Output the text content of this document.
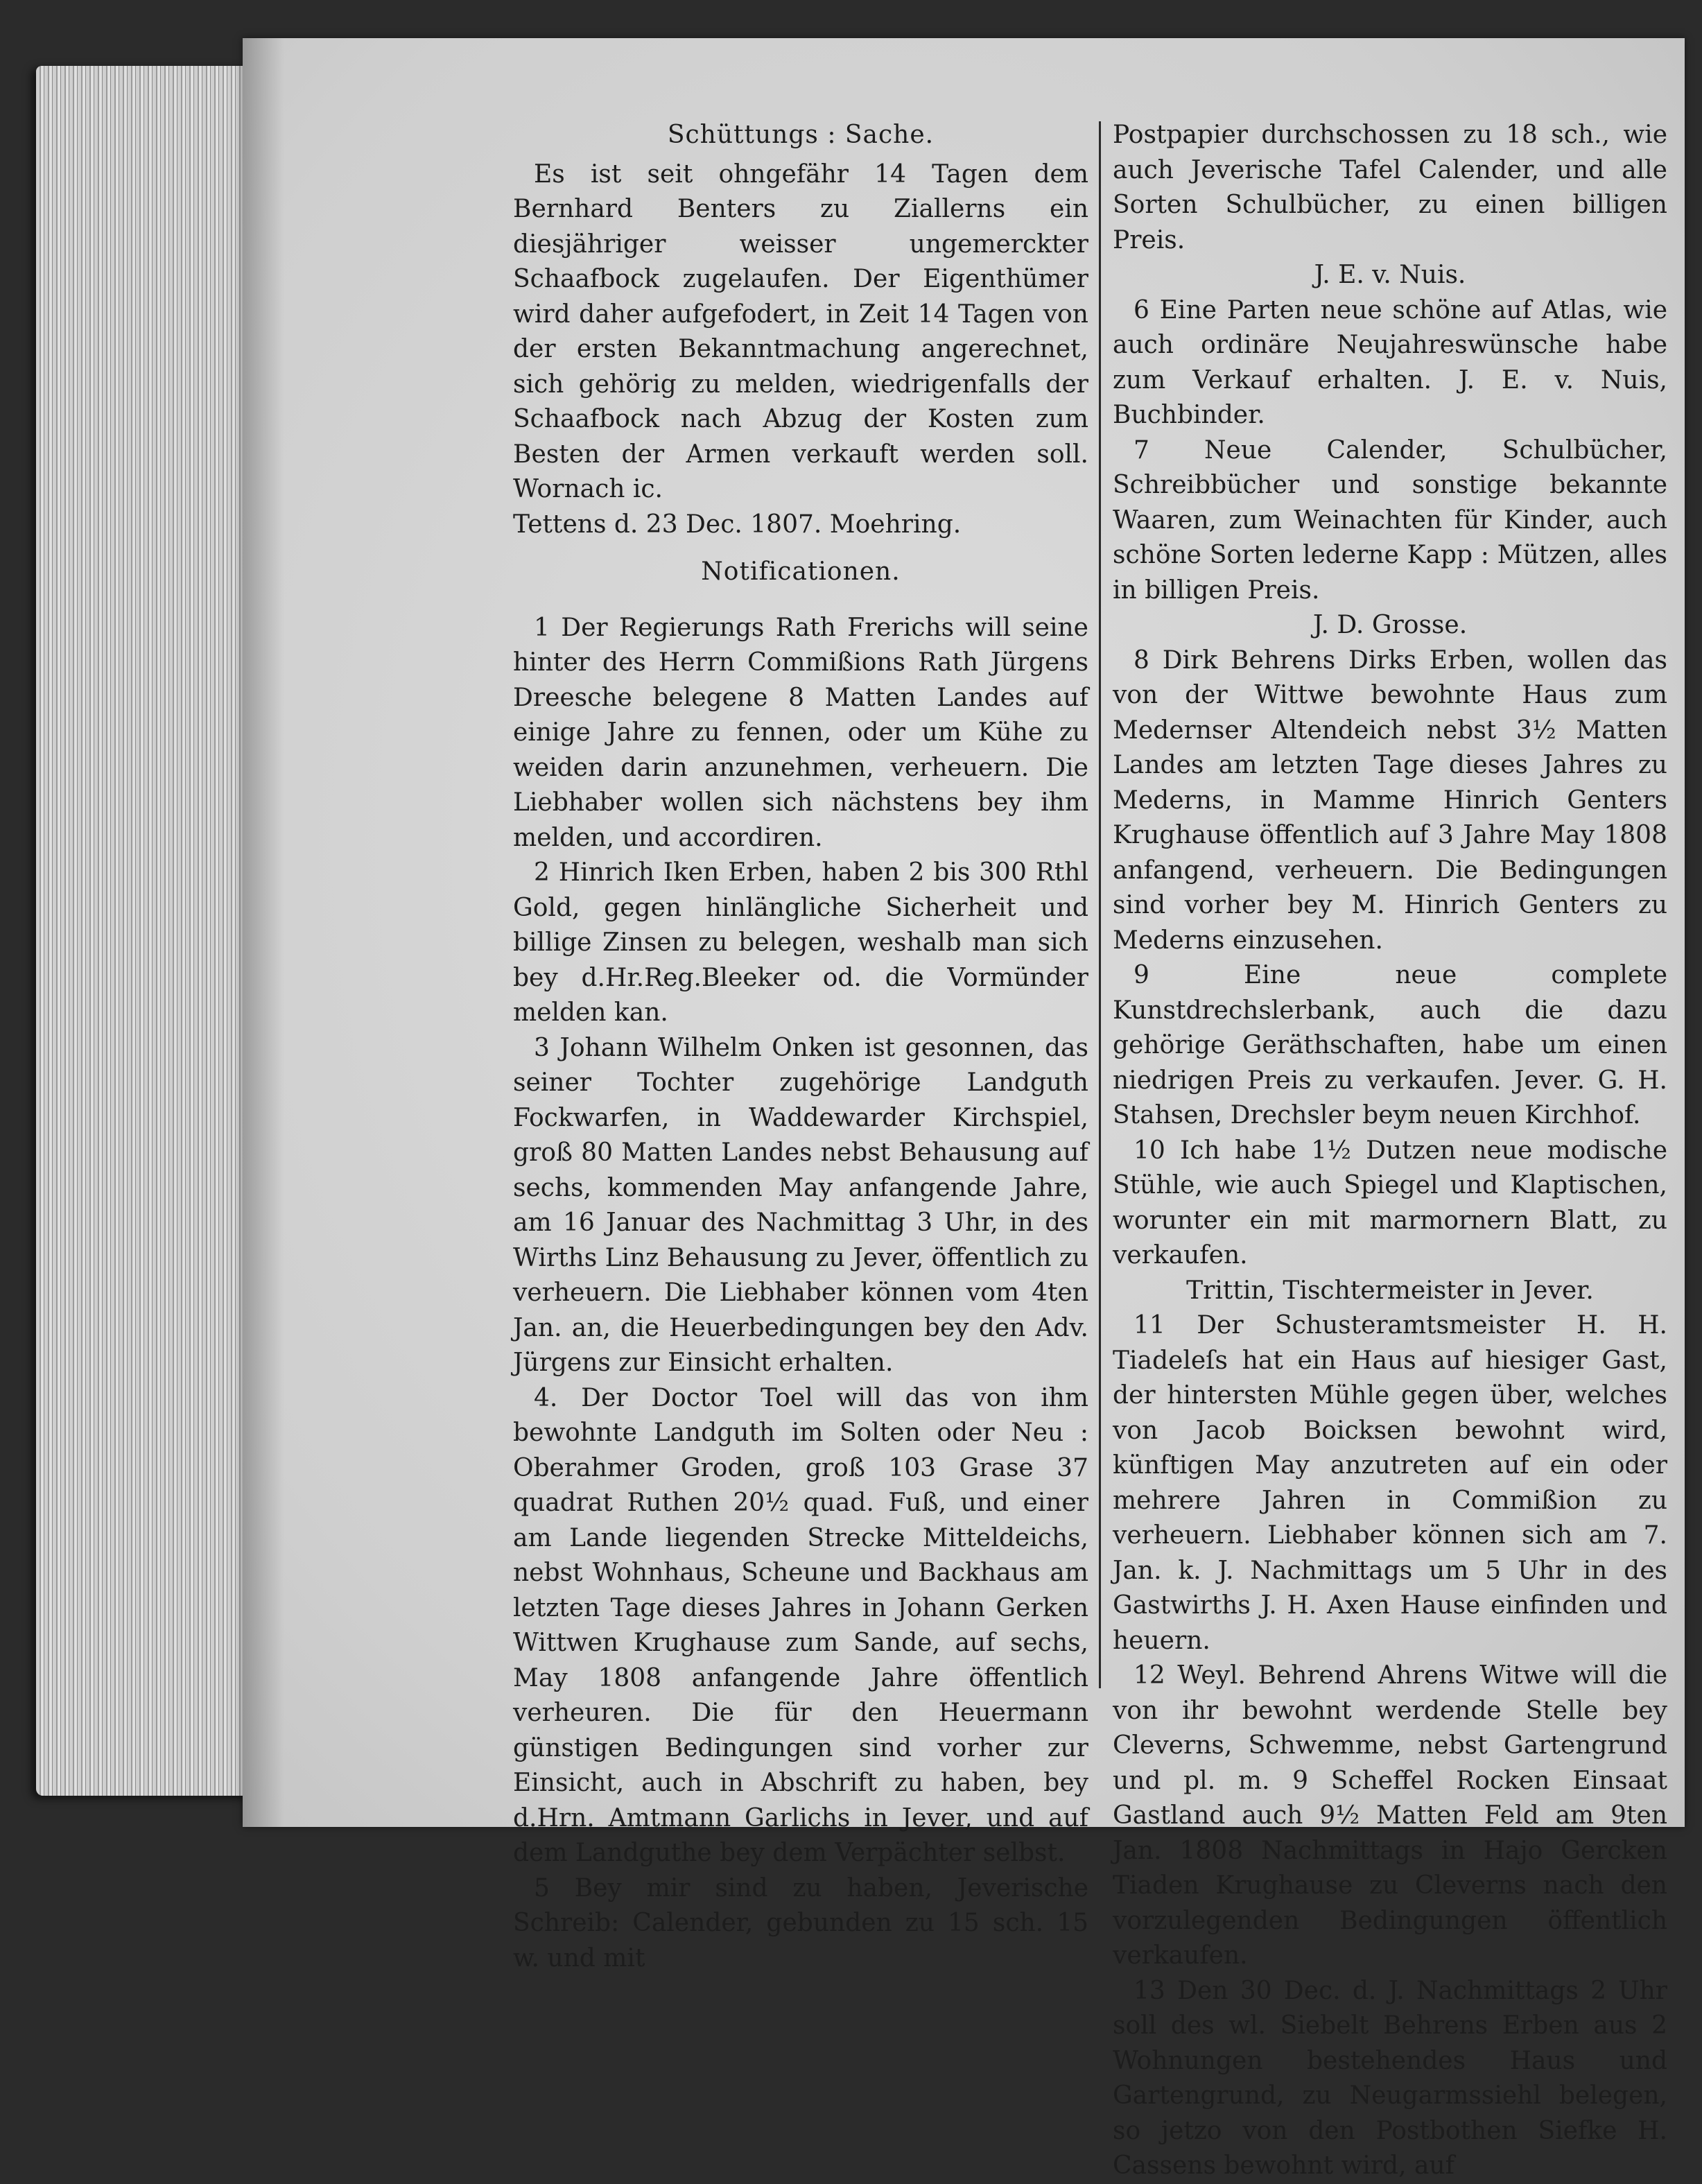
Schüttungs : Sache.

Es ist seit ohngefähr 14 Tagen dem Bernhard Benters zu Ziallerns ein diesjähriger weisser ungemerckter Schaafbock zugelaufen. Der Eigenthümer wird daher aufgefodert, in Zeit 14 Tagen von der ersten Bekanntmachung angerechnet, sich gehörig zu melden, wiedrigenfalls der Schaafbock nach Abzug der Kosten zum Besten der Armen verkauft werden soll. Wornach ic.

Tettens d. 23 Dec. 1807. Moehring.

Notificationen.

1 Der Regierungs Rath Frerichs will seine hinter des Herrn Commißions Rath Jürgens Dreesche belegene 8 Matten Landes auf einige Jahre zu fennen, oder um Kühe zu weiden darin anzunehmen, verheuern. Die Liebhaber wollen sich nächstens bey ihm melden, und accordiren.

2 Hinrich Iken Erben, haben 2 bis 300 Rthl Gold, gegen hinlängliche Sicherheit und billige Zinsen zu belegen, weshalb man sich bey d.Hr.Reg.Bleeker od. die Vormünder melden kan.

3 Johann Wilhelm Onken ist gesonnen, das seiner Tochter zugehörige Landguth Fockwarfen, in Waddewarder Kirchspiel, groß 80 Matten Landes nebst Behausung auf sechs, kommenden May anfangende Jahre, am 16 Januar des Nachmittag 3 Uhr, in des Wirths Linz Behausung zu Jever, öffentlich zu verheuern. Die Liebhaber können vom 4ten Jan. an, die Heuerbedingungen bey den Adv. Jürgens zur Einsicht erhalten.

4. Der Doctor Toel will das von ihm bewohnte Landguth im Solten oder Neu : Oberahmer Groden, groß 103 Grase 37 quadrat Ruthen 20½ quad. Fuß, und einer am Lande liegenden Strecke Mitteldeichs, nebst Wohnhaus, Scheune und Backhaus am letzten Tage dieses Jahres in Johann Gerken Wittwen Krughause zum Sande, auf sechs, May 1808 anfangende Jahre öffentlich verheuren. Die für den Heuermann günstigen Bedingungen sind vorher zur Einsicht, auch in Abschrift zu haben, bey d.Hrn. Amtmann Garlichs in Jever, und auf dem Landguthe bey dem Verpächter selbst.

5 Bey mir sind zu haben, Jeverische Schreib: Calender, gebunden zu 15 sch. 15 w. und mit

Postpapier durchschossen zu 18 sch., wie auch Jeverische Tafel Calender, und alle Sorten Schulbücher, zu einen billigen Preis.

J. E. v. Nuis.

6 Eine Parten neue schöne auf Atlas, wie auch ordinäre Neujahreswünsche habe zum Verkauf erhalten. J. E. v. Nuis, Buchbinder.

7 Neue Calender, Schulbücher, Schreibbücher und sonstige bekannte Waaren, zum Weinachten für Kinder, auch schöne Sorten lederne Kapp : Mützen, alles in billigen Preis.

J. D. Grosse.

8 Dirk Behrens Dirks Erben, wollen das von der Wittwe bewohnte Haus zum Medernser Altendeich nebst 3½ Matten Landes am letzten Tage dieses Jahres zu Mederns, in Mamme Hinrich Genters Krughause öffentlich auf 3 Jahre May 1808 anfangend, verheuern. Die Bedingungen sind vorher bey M. Hinrich Genters zu Mederns einzusehen.

9 Eine neue complete Kunstdrechslerbank, auch die dazu gehörige Geräthschaften, habe um einen niedrigen Preis zu verkaufen. Jever. G. H. Stahsen, Drechsler beym neuen Kirchhof.

10 Ich habe 1½ Dutzen neue modische Stühle, wie auch Spiegel und Klaptischen, worunter ein mit marmornern Blatt, zu verkaufen.

Trittin, Tischtermeister in Jever.

11 Der Schusteramtsmeister H. H. Tiadeleſs hat ein Haus auf hiesiger Gast, der hintersten Mühle gegen über, welches von Jacob Boicksen bewohnt wird, künftigen May anzutreten auf ein oder mehrere Jahren in Commißion zu verheuern. Liebhaber können sich am 7. Jan. k. J. Nachmittags um 5 Uhr in des Gastwirths J. H. Axen Hause einfinden und heuern.

12 Weyl. Behrend Ahrens Witwe will die von ihr bewohnt werdende Stelle bey Cleverns, Schwemme, nebst Gartengrund und pl. m. 9 Scheffel Rocken Einsaat Gastland auch 9½ Matten Feld am 9ten Jan. 1808 Nachmittags in Hajo Gercken Tiaden Krughause zu Cleverns nach den vorzulegenden Bedingungen öffentlich verkaufen.

13 Den 30 Dec. d. J. Nachmittags 2 Uhr soll des wl. Siebelt Behrens Erben aus 2 Wohnungen bestehendes Haus und Gartengrund, zu Neugarmssiehl belegen, so jetzo von den Postbothen Siefke H. Cassens bewohnt wird, auf
